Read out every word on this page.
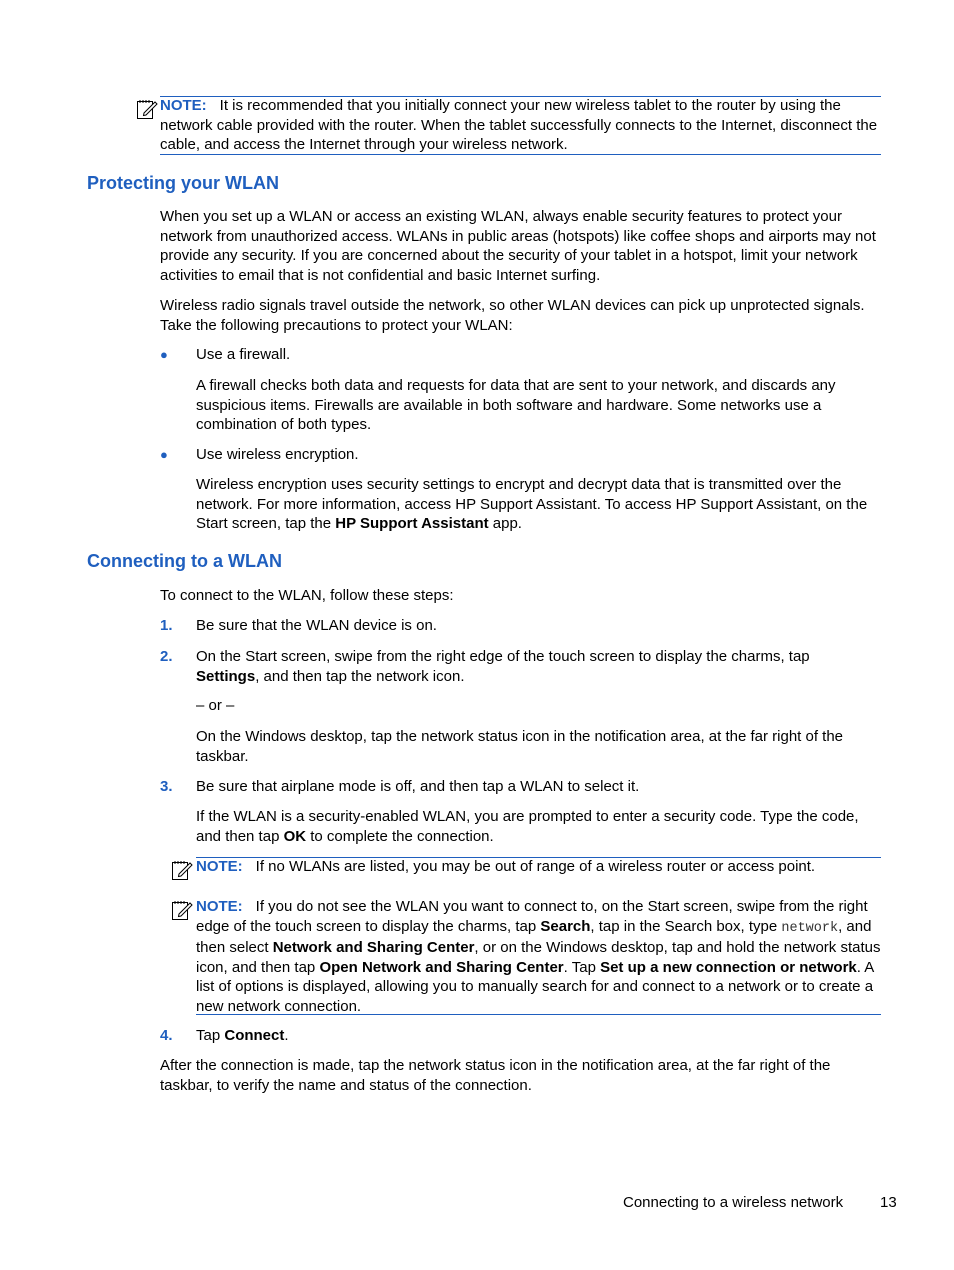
NOTE: It is recommended that you initially connect your new wireless tablet to the router by using the network cable provided with the router. When the tablet successfully connects to the Internet, disconnect the cable, and access the Internet through your wireless network.
Protecting your WLAN

When you set up a WLAN or access an existing WLAN, always enable security features to protect your network from unauthorized access. WLANs in public areas (hotspots) like coffee shops and airports may not provide any security. If you are concerned about the security of your tablet in a hotspot, limit your network activities to email that is not confidential and basic Internet surfing.

Wireless radio signals travel outside the network, so other WLAN devices can pick up unprotected signals. Take the following precautions to protect your WLAN:

● Use a firewall.

A firewall checks both data and requests for data that are sent to your network, and discards any suspicious items. Firewalls are available in both software and hardware. Some networks use a combination of both types.

● Use wireless encryption.

Wireless encryption uses security settings to encrypt and decrypt data that is transmitted over the network. For more information, access HP Support Assistant. To access HP Support Assistant, on the Start screen, tap the HP Support Assistant app.

Connecting to a WLAN

To connect to the WLAN, follow these steps:

1. Be sure that the WLAN device is on.

2. On the Start screen, swipe from the right edge of the touch screen to display the charms, tap Settings, and then tap the network icon.

– or –

On the Windows desktop, tap the network status icon in the notification area, at the far right of the taskbar.

3. Be sure that airplane mode is off, and then tap a WLAN to select it.

If the WLAN is a security-enabled WLAN, you are prompted to enter a security code. Type the code, and then tap OK to complete the connection.

NOTE: If no WLANs are listed, you may be out of range of a wireless router or access point.
NOTE: If you do not see the WLAN you want to connect to, on the Start screen, swipe from the right edge of the touch screen to display the charms, tap Search, tap in the Search box, type network, and then select Network and Sharing Center, or on the Windows desktop, tap and hold the network status icon, and then tap Open Network and Sharing Center. Tap Set up a new connection or network. A list of options is displayed, allowing you to manually search for and connect to a network or to create a new network connection.
4. Tap Connect.

After the connection is made, tap the network status icon in the notification area, at the far right of the taskbar, to verify the name and status of the connection.

Connecting to a wireless network 13
